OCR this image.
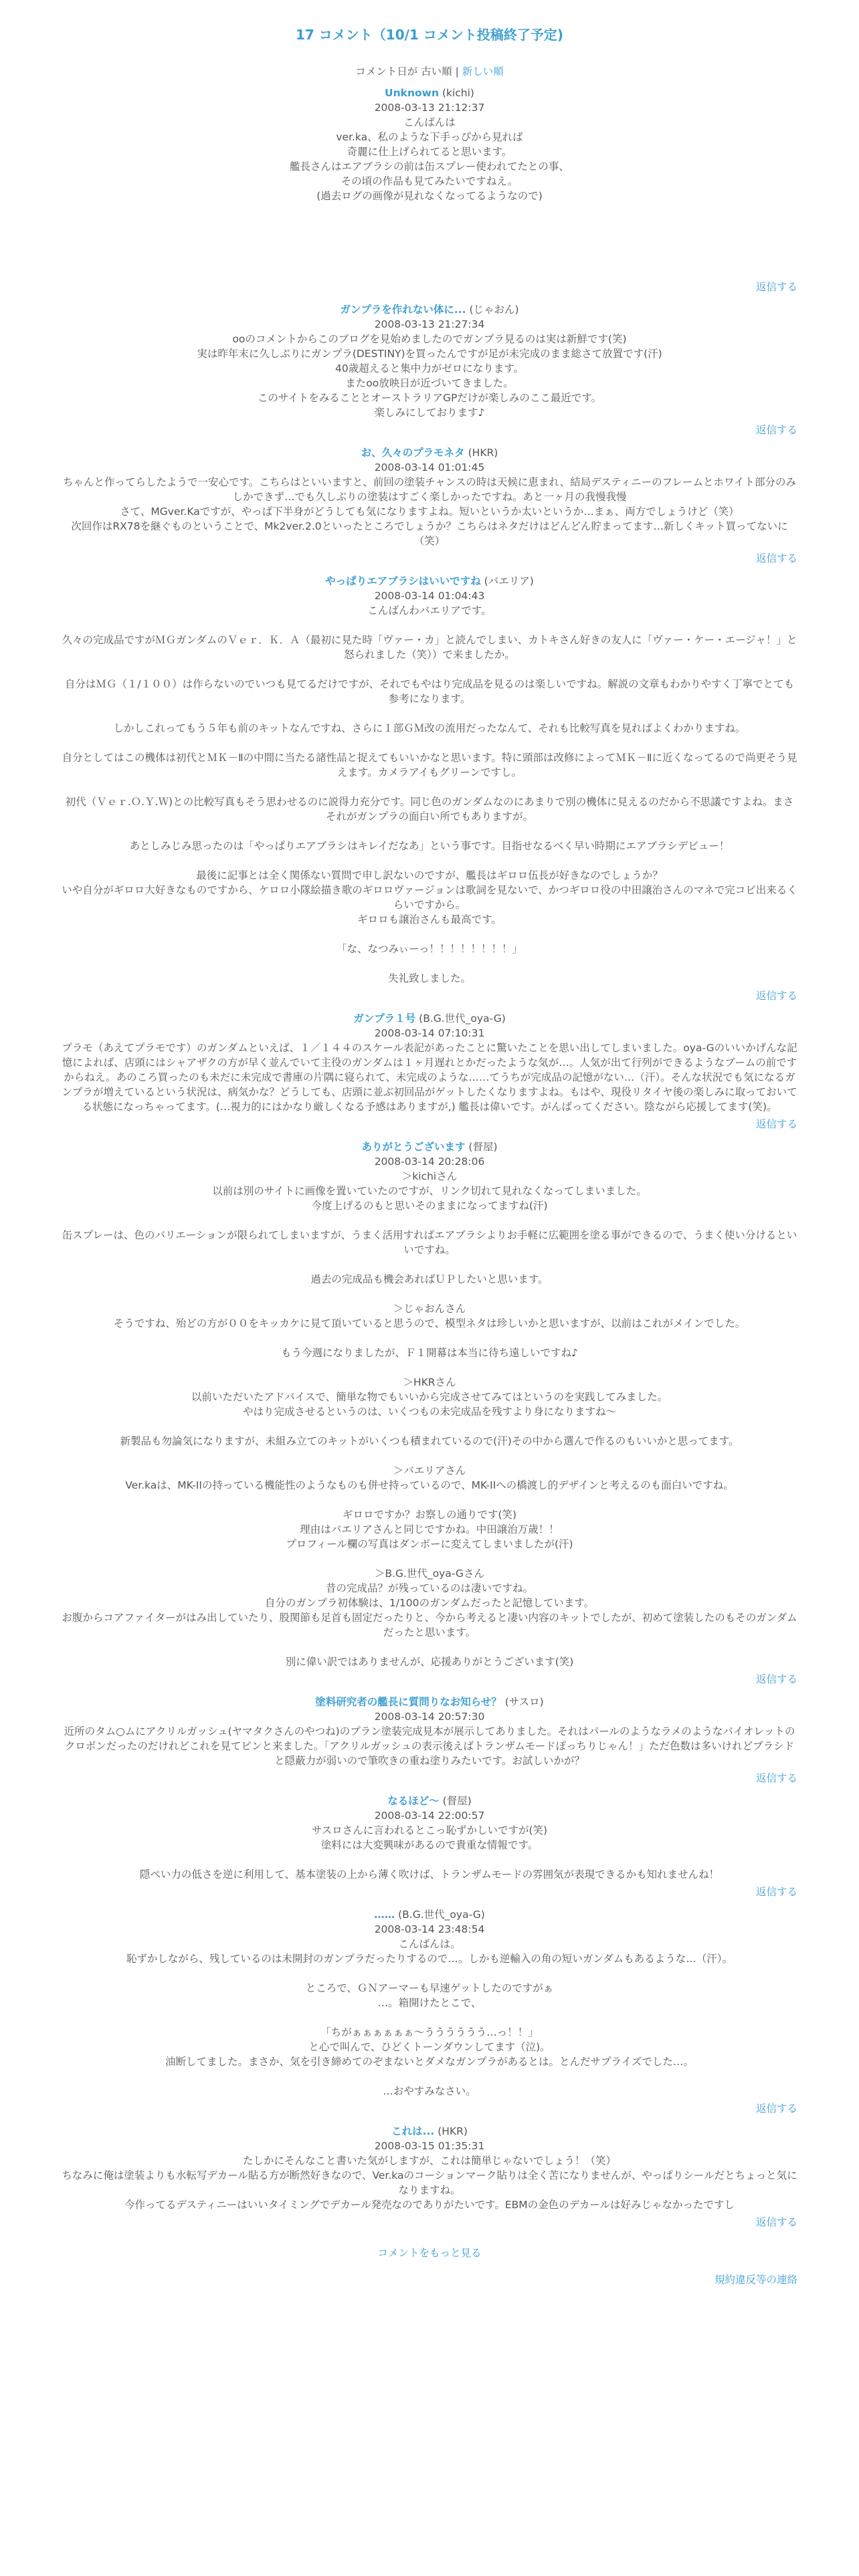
17 コメント（10/1 コメント投稿終了予定)
コメント日が 古い順 | 新しい順
Unknown (kichi)
2008-03-13 21:12:37

こんばんは

ver.ka、私のような下手っぴから見れば

奇麗に仕上げられてると思います。

艦長さんはエアブラシの前は缶スプレー使われてたとの事、

その頃の作品も見てみたいですねえ。

(過去ログの画像が見れなくなってるようなので)

返信する
ガンプラを作れない体に... (じゃおん)
2008-03-13 21:27:34

ooのコメントからこのブログを見始めましたのでガンプラ見るのは実は新鮮です(笑)

実は昨年末に久しぶりにガンプラ(DESTINY)を買ったんですが足が未完成のまま総さて放置です(汗)

40歳超えると集中力がゼロになります。

またoo放映日が近づいてきました。

このサイトをみることとオーストラリアGPだけが楽しみのここ最近です。

楽しみにしております♪

返信する
お、久々のプラモネタ (HKR)
2008-03-14 01:01:45

ちゃんと作ってらしたようで一安心です。こちらはといいますと、前回の塗装チャンスの時は天候に恵まれ、結局デスティニーのフレームとホワイト部分のみしかできず…でも久しぶりの塗装はすごく楽しかったですね。あと一ヶ月の我慢我慢

さて、MGver.Kaですが、やっぱ下半身がどうしても気になりますよね。短いというか太いというか…まぁ、両方でしょうけど（笑）

次回作はRX78を継ぐものということで、Mk2ver.2.0といったところでしょうか？こちらはネタだけはどんどん貯まってます…新しくキット買ってないに（笑）

返信する
やっぱりエアブラシはいいですね (バエリア)
2008-03-14 01:04:43

こんばんわバエリアです。

久々の完成品ですがＭＧガンダムのＶｅｒ．Ｋ．Ａ（最初に見た時「ヴァー・カ」と読んでしまい、カトキさん好きの友人に「ヴァー・ケー・エージャ！」と怒られました（笑））で来ましたか。

自分はＭＧ（１/１００）は作らないのでいつも見てるだけですが、それでもやはり完成品を見るのは楽しいですね。解説の文章もわかりやすく丁寧でとても参考になります。

しかしこれってもう５年も前のキットなんですね、さらに１部ＧＭ改の流用だったなんて、それも比較写真を見ればよくわかりますね。

自分としてはこの機体は初代とＭＫ－Ⅱの中間に当たる諸性品と捉えてもいいかなと思います。特に頭部は改修によってＭＫ－Ⅱに近くなってるので尚更そう見えます。カメラアイもグリーンですし。

初代（Ｖｅｒ.Ｏ.Ｙ.Ｗ)との比較写真もそう思わせるのに説得力充分です。同じ色のガンダムなのにあまりで別の機体に見えるのだから不思議ですよね。まさそれがガンプラの面白い所でもありますが。

あとしみじみ思ったのは「やっぱりエアブラシはキレイだなあ」という事です。目指せなるべく早い時期にエアブラシデビュー！

最後に記事とは全く関係ない質問で申し訳ないのですが、艦長はギロロ伍長が好きなのでしょうか？

いや自分がギロロ大好きなものですから、ケロロ小隊絵描き歌のギロロヴァージョンは歌詞を見ないで、かつギロロ役の中田譲治さんのマネで完コピ出来るくらいですから。

ギロロも譲治さんも最高です。

「な、なつみぃーっ！！！！！！！！」

失礼致しました。

返信する
ガンプラ１号 (B.G.世代_oya-G)
2008-03-14 07:10:31

プラモ（あえてプラモです）のガンダムといえば、１／１４４のスケール表記があったことに驚いたことを思い出してしまいました。oya-Gのいいかげんな記憶によれば、店頭にはシャアザクの方が早く並んでいて主役のガンダムは１ヶ月遅れとかだったような気が…。人気が出て行列ができるようなブームの前ですからねえ。あのころ買ったのも未だに未完成で書庫の片隅に寝られて、未完成のような……てうちが完成品の記憶がない…（汗）。そんな状況でも気になるガンプラが増えているという状況は、病気かな？どうしても、店頭に並ぶ初回品がゲットしたくなりますよね。もはや、現役リタイヤ後の楽しみに取っておいてる状態になっちゃってます。(…視力的にはかなり厳しくなる予感はありますが,) 艦長は偉いです。がんばってください。陰ながら応援してます(笑)。

返信する
ありがとうございます (督屋)
2008-03-14 20:28:06

＞kichiさん

以前は別のサイトに画像を置いていたのですが、リンク切れて見れなくなってしまいました。

今度上げるのもと思いそのままになってますね(汗)

缶スプレーは、色のバリエーションが限られてしまいますが、うまく活用すればエアブラシよりお手軽に広範囲を塗る事ができるので、うまく使い分けるといいですね。

過去の完成品も機会あればＵＰしたいと思います。

＞じゃおんさん

そうですね、殆どの方が００をキッカケに見て頂いていると思うので、模型ネタは珍しいかと思いますが、以前はこれがメインでした。

もう今週になりましたが、Ｆ１開幕は本当に待ち遠しいですね♪

＞HKRさん

以前いただいたアドバイスで、簡単な物でもいいから完成させてみてはというのを実践してみました。

やはり完成させるというのは、いくつもの未完成品を残すより身になりますね〜

新製品も勿論気になりますが、未組み立てのキットがいくつも積まれているので(汗)その中から選んで作るのもいいかと思ってます。

＞バエリアさん

Ver.kaは、MK-IIの持っている機能性のようなものも併せ持っているので、MK-IIへの橋渡し的デザインと考えるのも面白いですね。

ギロロですか？お察しの通りです(笑)

理由はバエリアさんと同じですかね。中田譲治万歳！！

プロフィール欄の写真はダンボーに変えてしまいましたが(汗)

＞B.G.世代_oya-Gさん

昔の完成品？が残っているのは凄いですね。

自分のガンプラ初体験は、1/100のガンダムだったと記憶しています。

お腹からコアファイターがはみ出していたり、股関節も足首も固定だったりと、今から考えると凄い内容のキットでしたが、初めて塗装したのもそのガンダムだったと思います。

別に偉い訳ではありませんが、応援ありがとうございます(笑)

返信する
塗料研究者の艦長に質問りなお知らせ？ (サスロ)
2008-03-14 20:57:30

近所のタム○ムにアクリルガッシュ(ヤマタクさんのやつね)のプラン塗装完成見本が展示してありました。それはパールのようなラメのようなバイオレットのクロボンだったのだけれどこれを見てピンと来ました。「アクリルガッシュの表示後えばトランザムモードぽっちりじゃん！」ただ色数は多いけれどプラシドと隠蔽力が弱いので筆吹きの重ね塗りみたいです。お試しいかが？

返信する
なるほど〜 (督屋)
2008-03-14 22:00:57

サスロさんに言われるとこっ恥ずかしいですが(笑)

塗料には大変興味があるので貴重な情報です。

隠ぺい力の低さを逆に利用して、基本塗装の上から薄く吹けば、トランザムモードの雰囲気が表現できるかも知れませんね！

返信する
…… (B.G.世代_oya-G)
2008-03-14 23:48:54

こんばんは。

恥ずかしながら、残しているのは未開封のガンプラだったりするので…。しかも逆輸入の角の短いガンダムもあるような…（汗）。

ところで、ＧＮアーマーも早速ゲットしたのですがぁ

…。箱開けたとこで、

「ちがぁぁぁぁぁぁ〜うううううう…っ！！」

と心で叫んで、ひどくトーンダウンしてます（泣)。

油断してました。まさか、気を引き締めてのぞまないとダメなガンプラがあるとは。とんだサプライズでした…。

…おやすみなさい。

返信する
これは... (HKR)
2008-03-15 01:35:31

たしかにそんなこと書いた気がしますが、これは簡単じゃないでしょう！（笑）

ちなみに俺は塗装よりも水転写デカール貼る方が断然好きなので、Ver.kaのコーションマーク貼りは全く苦になりませんが、やっぱりシールだとちょっと気になりますね。

今作ってるデスティニーはいいタイミングでデカール発売なのでありがたいです。EBMの金色のデカールは好みじゃなかったですし

返信する
コメントをもっと見る
規約違反等の連絡
